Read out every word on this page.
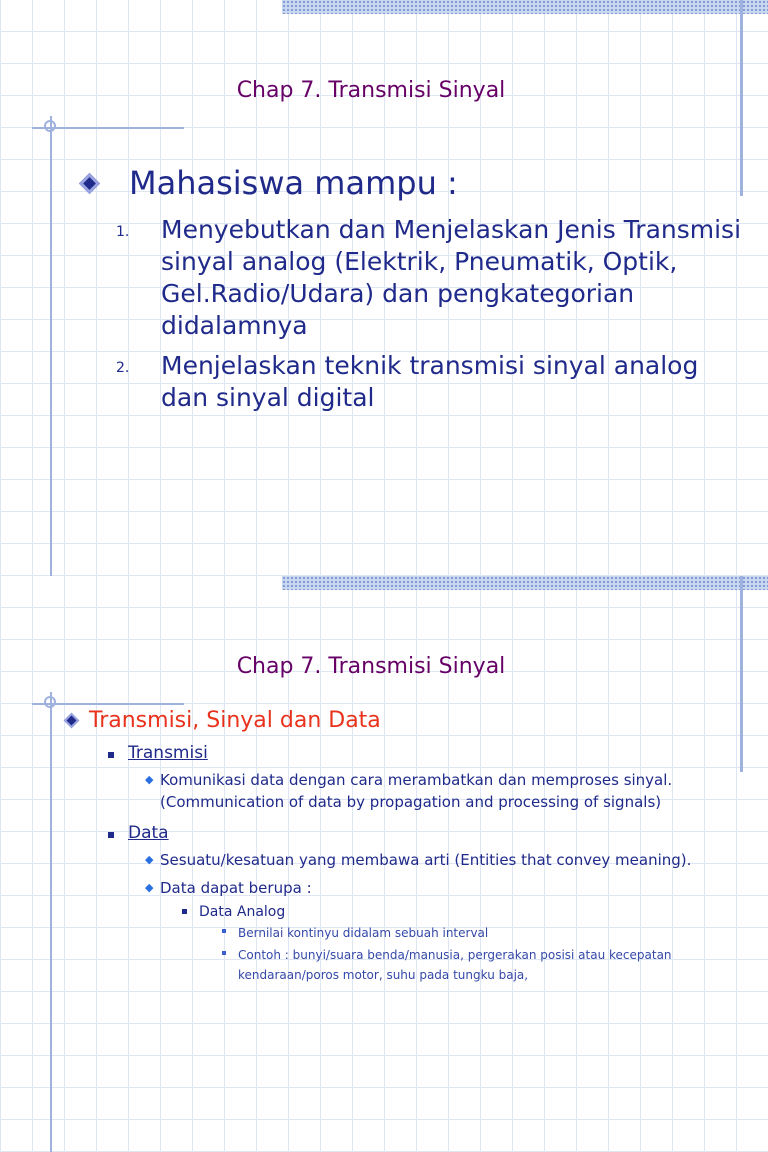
Chap 7. Transmisi Sinyal
Mahasiswa mampu :
1. Menyebutkan dan Menjelaskan Jenis Transmisi sinyal analog (Elektrik, Pneumatik, Optik, Gel.Radio/Udara) dan pengkategorian didalamnya
2. Menjelaskan teknik transmisi sinyal analog dan sinyal digital
Chap 7. Transmisi Sinyal
Transmisi, Sinyal dan Data
Transmisi
◆ Komunikasi data dengan cara merambatkan dan memproses sinyal. (Communication of data by propagation and processing of signals)
Data
◆ Sesuatu/kesatuan yang membawa arti (Entities that convey meaning).
◆ Data dapat berupa :
Data Analog
Bernilai kontinyu didalam sebuah interval
Contoh : bunyi/suara benda/manusia, pergerakan posisi atau kecepatan kendaraan/poros motor, suhu pada tungku baja,
